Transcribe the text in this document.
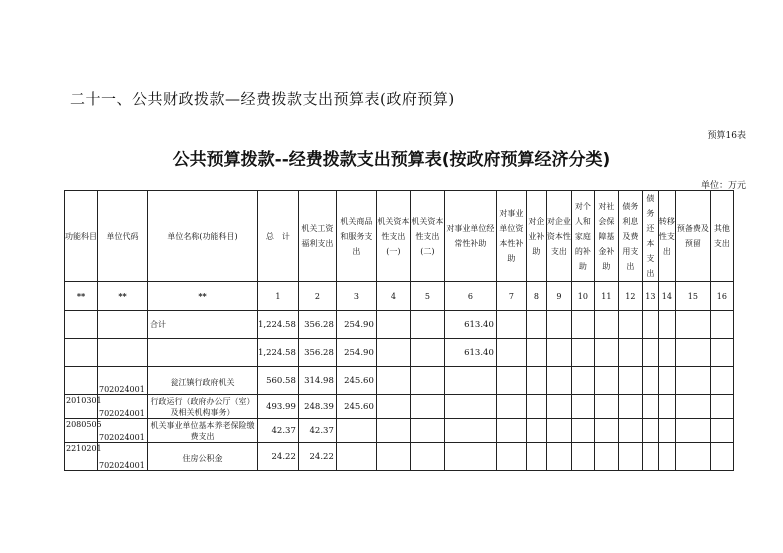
二十一、公共财政拨款—经费拨款支出预算表(政府预算)
预算16表
公共预算拨款--经费拨款支出预算表(按政府预算经济分类)
单位：万元
功能科目	单位代码	单位名称(功能科目)	总　计	机关工资福利支出	机关商品和服务支出	机关资本性支出(一)	机关资本性支出(二)	对事业单位经常性补助	对事业单位资本性补助	对企业补助	对企业资本性支出	对个人和家庭的补助	对社会保障基金补助	债务利息及费用支出	债务还本支出	转移性支出	预备费及预留	其他支出
**	**	**	1	2	3	4	5	6	7	8	9	10	11	12	13	14	15	16
		合计	1,224.58	356.28	254.90			613.40										
			1,224.58	356.28	254.90			613.40										

	702024001	瓮江镇行政府机关	560.58	314.98	245.60													

2010301	702024001	行政运行（政府办公厅（室）及相关机构事务）	493.99	248.39	245.60													

2080505	702024001	机关事业单位基本养老保险缴费支出	42.37	42.37														

2210201	702024001	住房公积金	24.22	24.22														
